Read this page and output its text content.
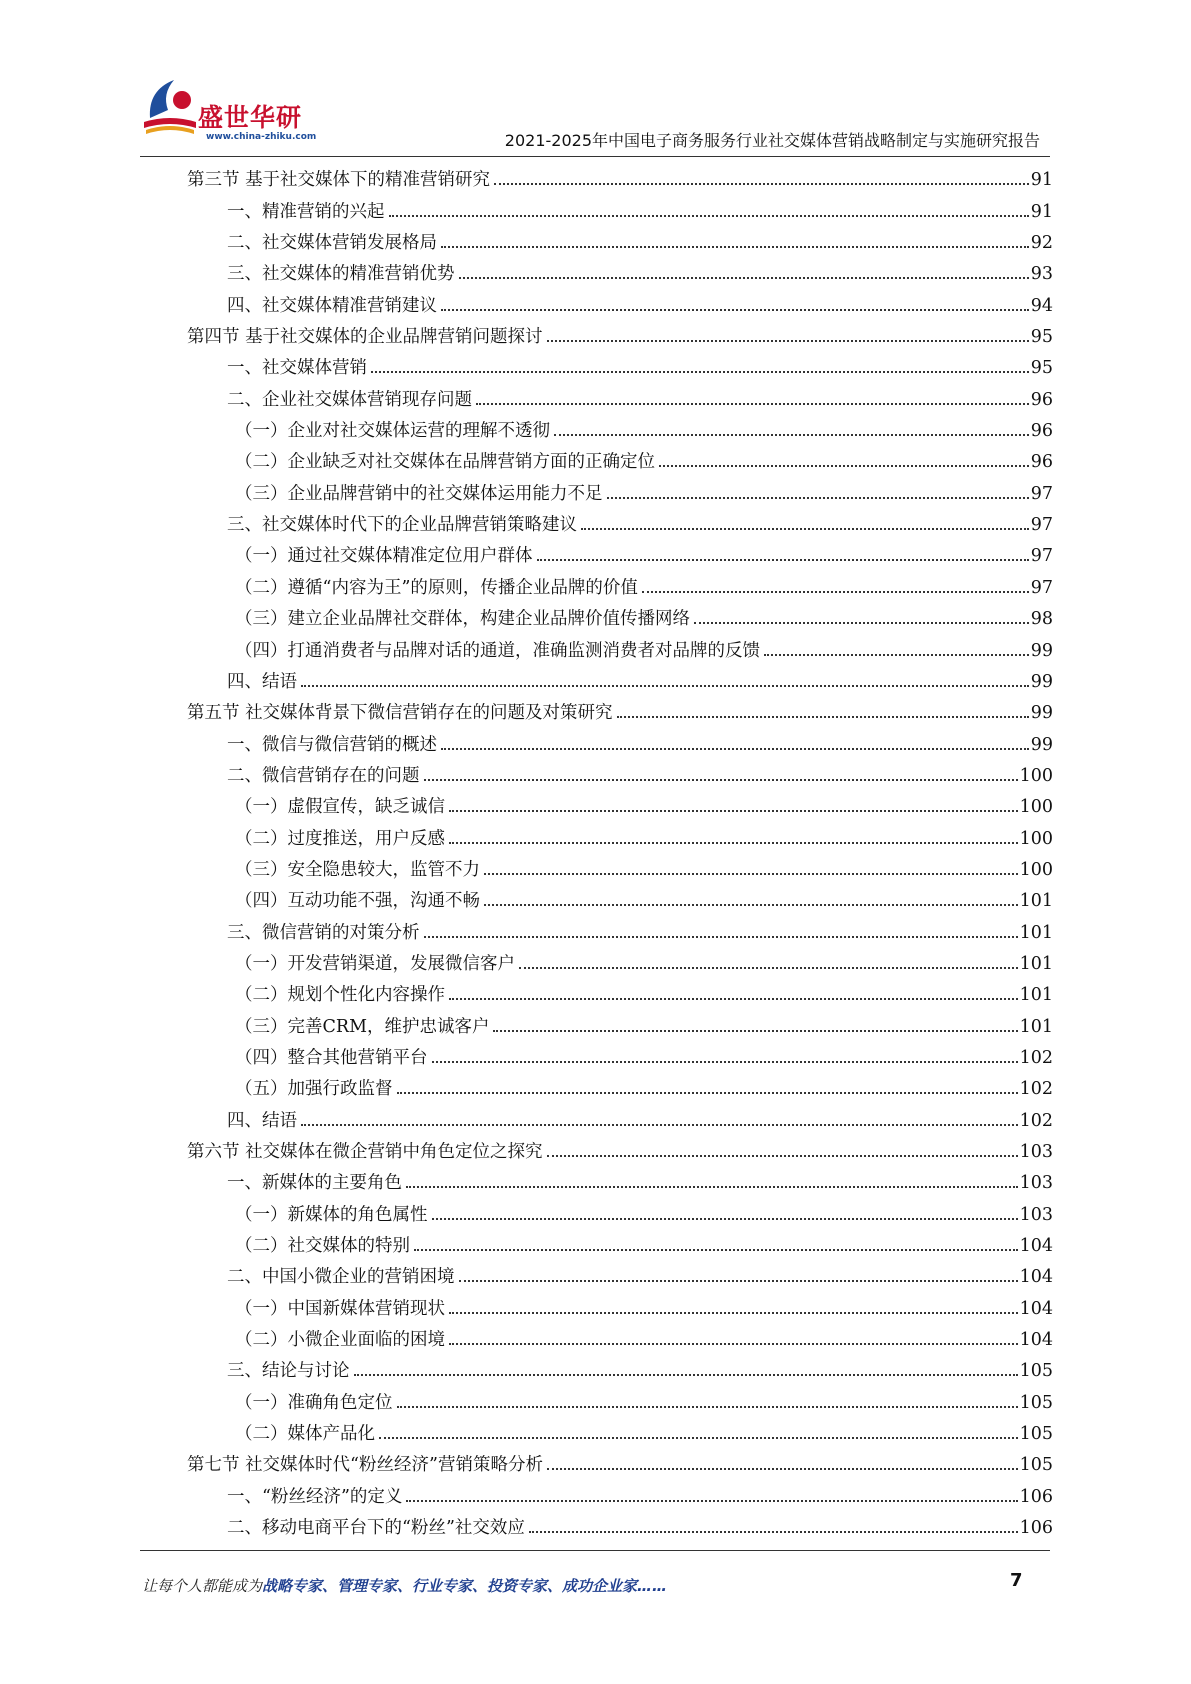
盛世华研
www.china-zhiku.com	2021-2025年中国电子商务服务行业社交媒体营销战略制定与实施研究报告
第三节 基于社交媒体下的精准营销研究	91
一、精准营销的兴起	91
二、社交媒体营销发展格局	92
三、社交媒体的精准营销优势	93
四、社交媒体精准营销建议	94
第四节 基于社交媒体的企业品牌营销问题探讨	95
一、社交媒体营销	95
二、企业社交媒体营销现存问题	96
（一）企业对社交媒体运营的理解不透彻	96
（二）企业缺乏对社交媒体在品牌营销方面的正确定位	96
（三）企业品牌营销中的社交媒体运用能力不足	97
三、社交媒体时代下的企业品牌营销策略建议	97
（一）通过社交媒体精准定位用户群体	97
（二）遵循“内容为王”的原则，传播企业品牌的价值	97
（三）建立企业品牌社交群体，构建企业品牌价值传播网络	98
（四）打通消费者与品牌对话的通道，准确监测消费者对品牌的反馈	99
四、结语	99
第五节 社交媒体背景下微信营销存在的问题及对策研究	99
一、微信与微信营销的概述	99
二、微信营销存在的问题	100
（一）虚假宣传，缺乏诚信	100
（二）过度推送，用户反感	100
（三）安全隐患较大，监管不力	100
（四）互动功能不强，沟通不畅	101
三、微信营销的对策分析	101
（一）开发营销渠道，发展微信客户	101
（二）规划个性化内容操作	101
（三）完善CRM，维护忠诚客户	101
（四）整合其他营销平台	102
（五）加强行政监督	102
四、结语	102
第六节 社交媒体在微企营销中角色定位之探究	103
一、新媒体的主要角色	103
（一）新媒体的角色属性	103
（二）社交媒体的特别	104
二、中国小微企业的营销困境	104
（一）中国新媒体营销现状	104
（二）小微企业面临的困境	104
三、结论与讨论	105
（一）准确角色定位	105
（二）媒体产品化	105
第七节 社交媒体时代“粉丝经济”营销策略分析	105
一、“粉丝经济”的定义	106
二、移动电商平台下的“粉丝”社交效应	106
让每个人都能成为战略专家、管理专家、行业专家、投资专家、成功企业家……	7
